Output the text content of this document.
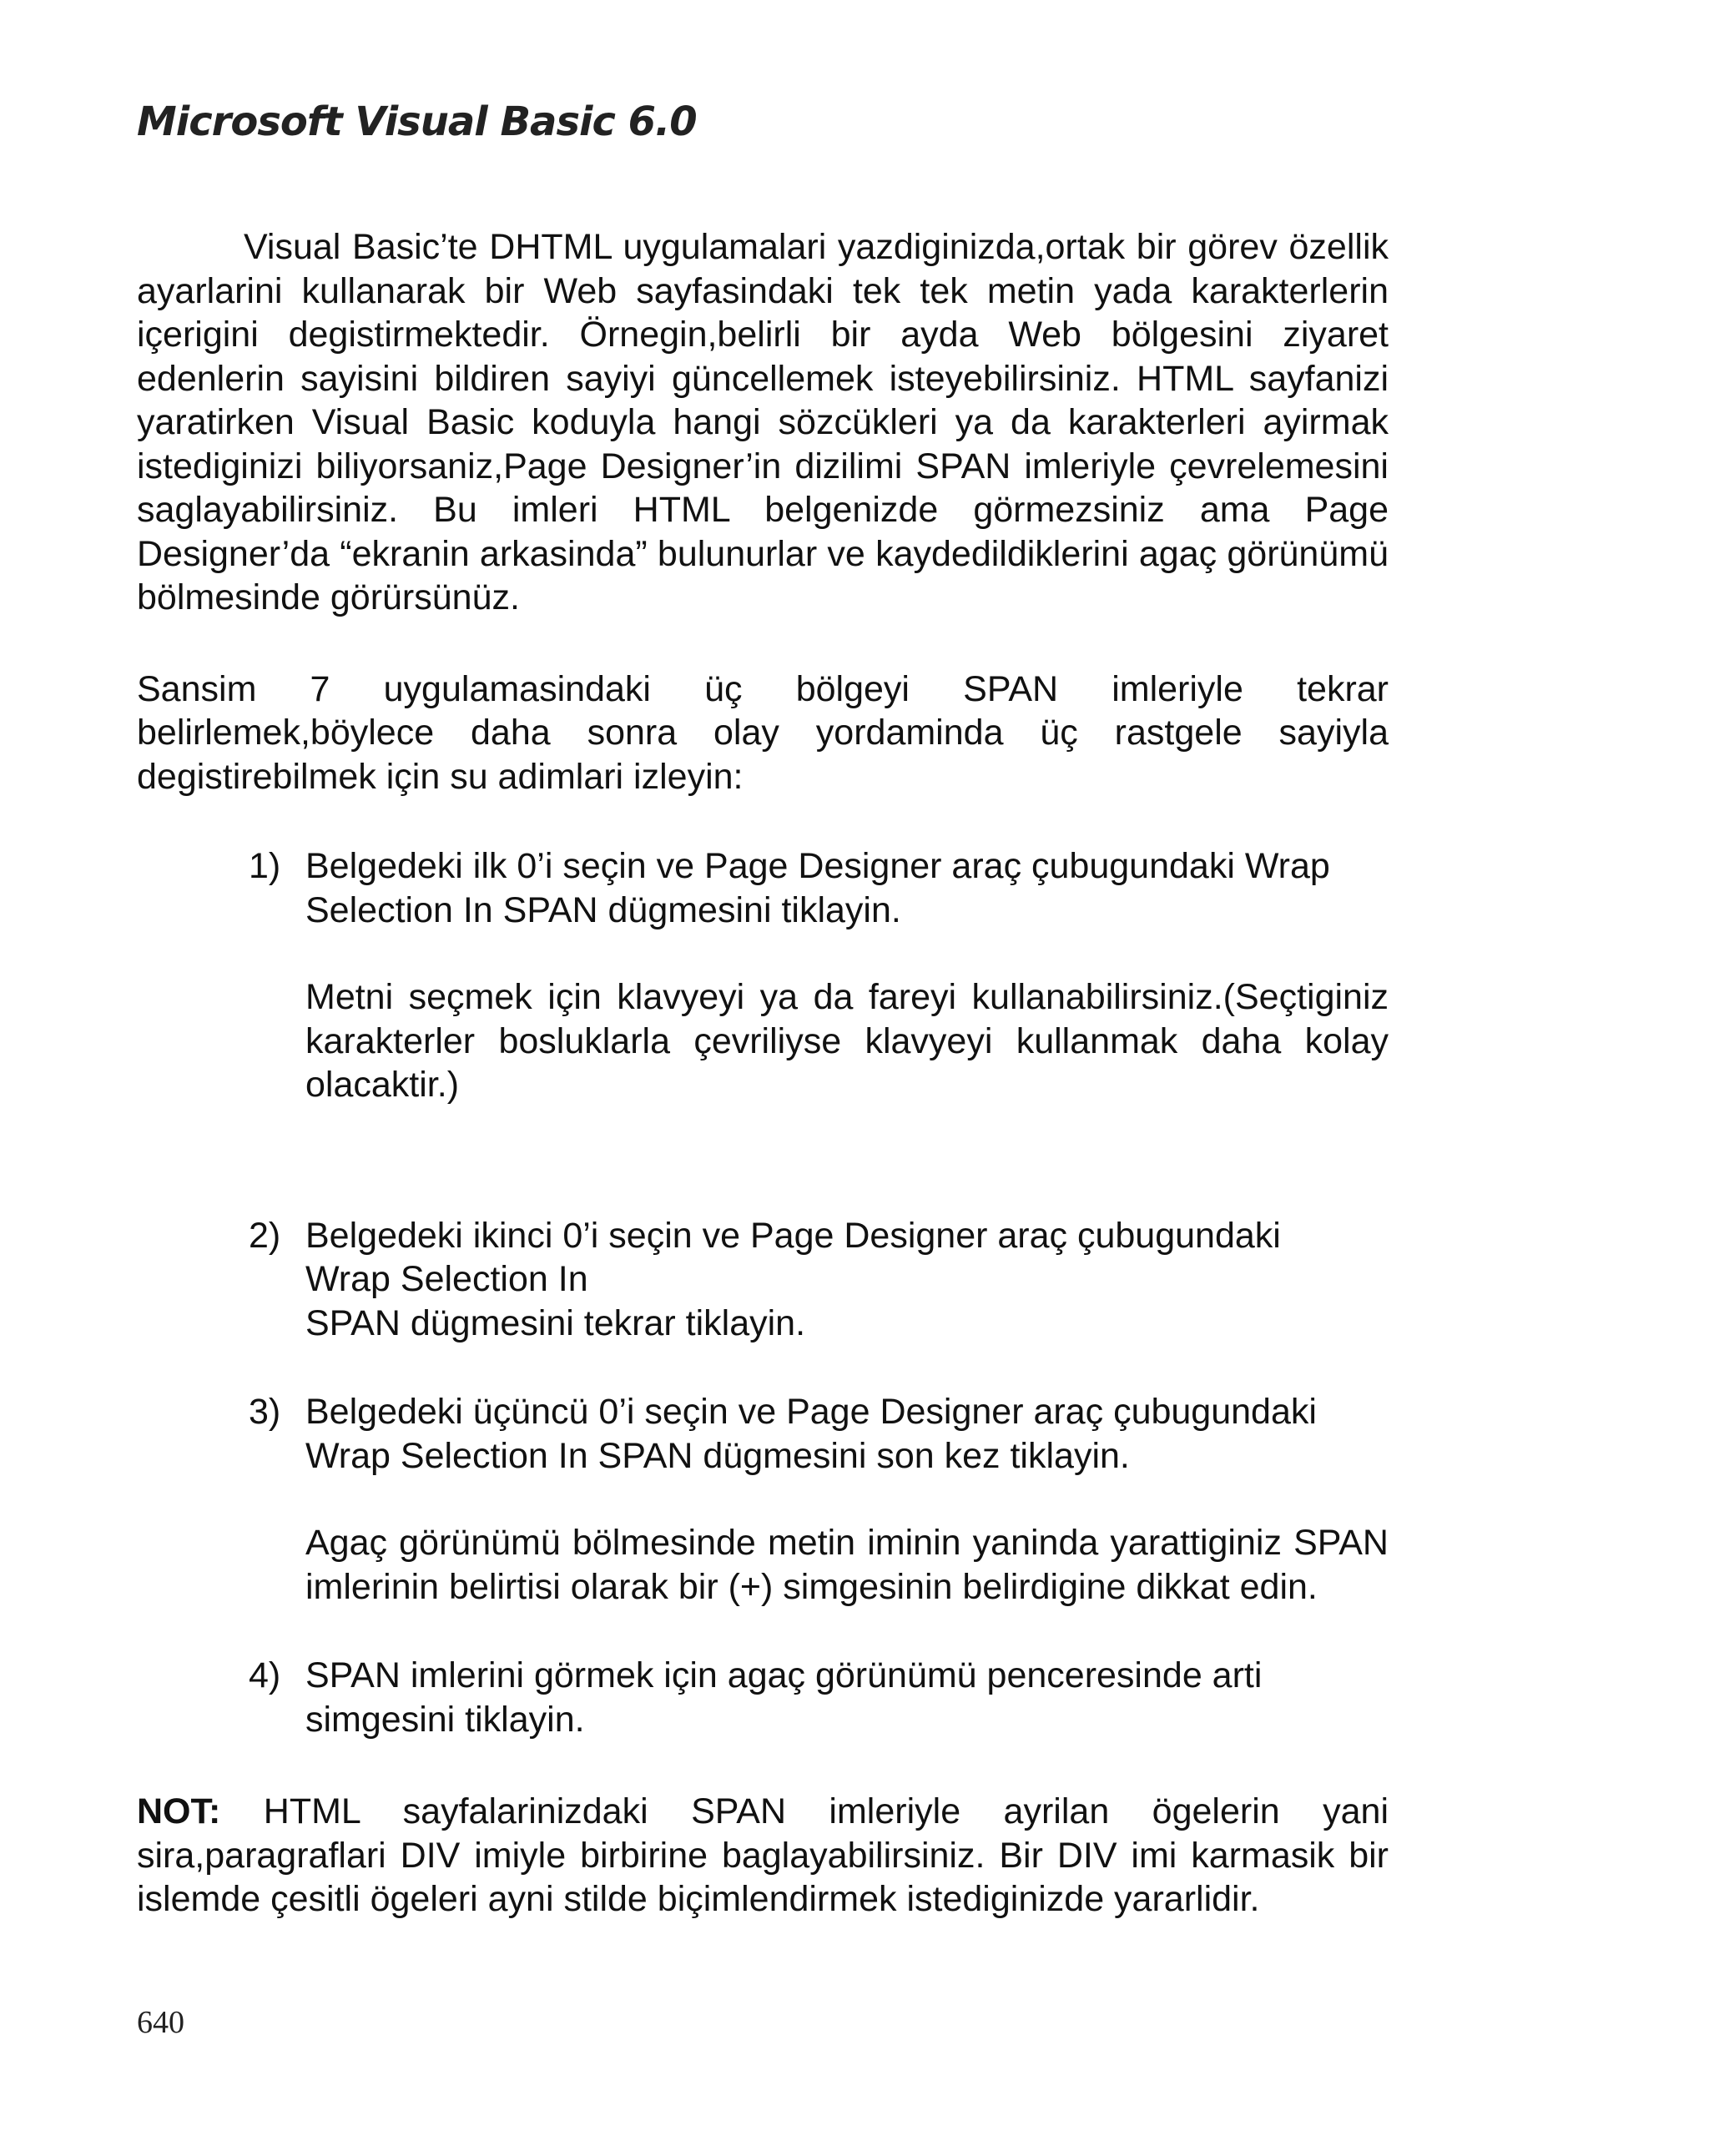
Microsoft Visual Basic 6.0

Visual Basic’te DHTML uygulamalari yazdiginizda,ortak bir görev özellik ayarlarini kullanarak bir Web sayfasindaki tek tek metin yada karakterlerin içerigini degistirmektedir. Örnegin,belirli bir ayda Web bölgesini ziyaret edenlerin sayisini bildiren sayiyi güncellemek isteyebilirsiniz. HTML sayfanizi yaratirken Visual Basic koduyla hangi sözcükleri ya da karakterleri ayirmak istediginizi biliyorsaniz,Page Designer’in dizilimi SPAN imleriyle çevrelemesini saglayabilirsiniz. Bu imleri HTML belgenizde görmezsiniz ama Page Designer’da “ekranin arkasinda” bulunurlar ve kaydedildiklerini agaç görünümü bölmesinde görürsünüz.

Sansim 7 uygulamasindaki üç bölgeyi SPAN imleriyle tekrar belirlemek,böylece daha sonra olay yordaminda üç rastgele sayiyla degistirebilmek için su adimlari izleyin:

1) Belgedeki ilk 0’i seçin ve Page Designer araç çubugundaki Wrap Selection In SPAN dügmesini tiklayin.

Metni seçmek için klavyeyi ya da fareyi kullanabilirsiniz.(Seçtiginiz karakterler bosluklarla çevriliyse klavyeyi kullanmak daha kolay olacaktir.)

2) Belgedeki ikinci 0’i seçin ve Page Designer araç çubugundaki
Wrap Selection In
SPAN dügmesini tekrar tiklayin.

3) Belgedeki üçüncü 0’i seçin ve Page Designer araç çubugundaki Wrap Selection In SPAN dügmesini son kez tiklayin.

Agaç görünümü bölmesinde metin iminin yaninda yarattiginiz SPAN imlerinin belirtisi olarak bir (+) simgesinin belirdigine dikkat edin.

4) SPAN imlerini görmek için agaç görünümü penceresinde arti simgesini tiklayin.

NOT: HTML sayfalarinizdaki SPAN imleriyle ayrilan ögelerin yani sira,paragraflari DIV imiyle birbirine baglayabilirsiniz. Bir DIV imi karmasik bir islemde çesitli ögeleri ayni stilde biçimlendirmek istediginizde yararlidir.

640
